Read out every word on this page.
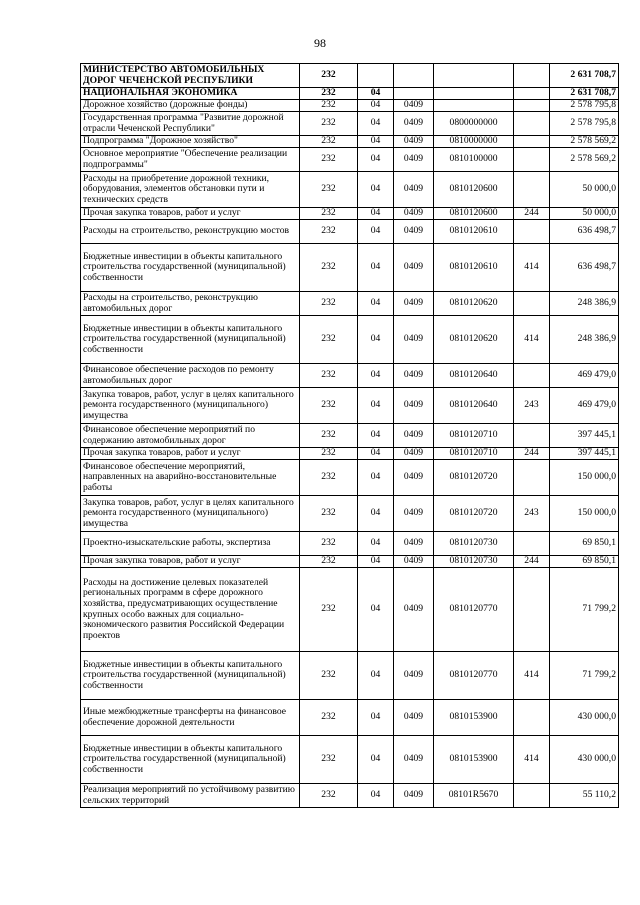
98
МИНИСТЕРСТВО АВТОМОБИЛЬНЫХ ДОРОГ ЧЕЧЕНСКОЙ РЕСПУБЛИКИ	232					2 631 708,7
НАЦИОНАЛЬНАЯ ЭКОНОМИКА	232	04				2 631 708,7
Дорожное хозяйство (дорожные фонды)	232	04	0409			2 578 795,8
Государственная программа "Развитие дорожной отрасли Чеченской Республики"	232	04	0409	0800000000		2 578 795,8
Подпрограмма "Дорожное хозяйство"	232	04	0409	0810000000		2 578 569,2
Основное мероприятие "Обеспечение реализации подпрограммы"	232	04	0409	0810100000		2 578 569,2
Расходы на приобретение дорожной техники, оборудования, элементов обстановки пути и технических средств	232	04	0409	0810120600		50 000,0
Прочая закупка товаров, работ и услуг	232	04	0409	0810120600	244	50 000,0
Расходы на строительство, реконструкцию мостов	232	04	0409	0810120610		636 498,7
Бюджетные инвестиции в объекты капитального строительства государственной (муниципальной) собственности	232	04	0409	0810120610	414	636 498,7
Расходы на строительство, реконструкцию автомобильных дорог	232	04	0409	0810120620		248 386,9
Бюджетные инвестиции в объекты капитального строительства государственной (муниципальной) собственности	232	04	0409	0810120620	414	248 386,9
Финансовое обеспечение расходов по ремонту автомобильных дорог	232	04	0409	0810120640		469 479,0
Закупка товаров, работ, услуг в целях капитального ремонта государственного (муниципального) имущества	232	04	0409	0810120640	243	469 479,0
Финансовое обеспечение мероприятий по содержанию автомобильных дорог	232	04	0409	0810120710		397 445,1
Прочая закупка товаров, работ и услуг	232	04	0409	0810120710	244	397 445,1
Финансовое обеспечение мероприятий, направленных на аварийно-восстановительные работы	232	04	0409	0810120720		150 000,0
Закупка товаров, работ, услуг в целях капитального ремонта государственного (муниципального) имущества	232	04	0409	0810120720	243	150 000,0
Проектно-изыскательские работы, экспертиза	232	04	0409	0810120730		69 850,1
Прочая закупка товаров, работ и услуг	232	04	0409	0810120730	244	69 850,1
Расходы на достижение целевых показателей региональных программ в сфере дорожного хозяйства, предусматривающих осуществление крупных особо важных для социально-экономического развития Российской Федерации проектов	232	04	0409	0810120770		71 799,2
Бюджетные инвестиции в объекты капитального строительства государственной (муниципальной) собственности	232	04	0409	0810120770	414	71 799,2
Иные межбюджетные трансферты на финансовое обеспечение дорожной деятельности	232	04	0409	0810153900		430 000,0
Бюджетные инвестиции в объекты капитального строительства государственной (муниципальной) собственности	232	04	0409	0810153900	414	430 000,0
Реализация мероприятий по устойчивому развитию сельских территорий	232	04	0409	08101R5670		55 110,2
